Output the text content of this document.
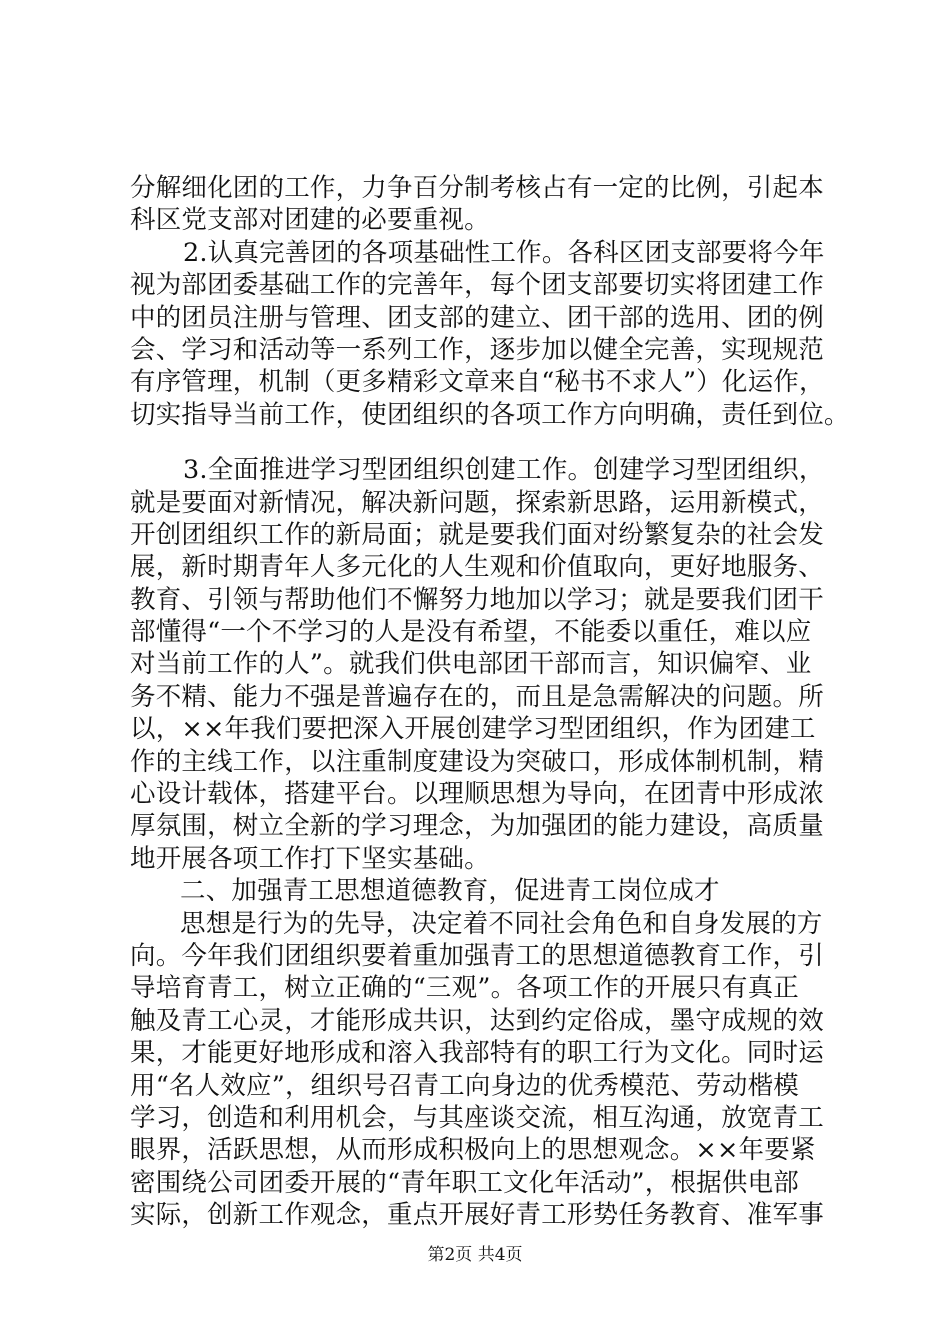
分解细化团的工作，力争百分制考核占有一定的比例，引起本
科区党支部对团建的必要重视。
2.认真完善团的各项基础性工作。各科区团支部要将今年
视为部团委基础工作的完善年，每个团支部要切实将团建工作
中的团员注册与管理、团支部的建立、团干部的选用、团的例
会、学习和活动等一系列工作，逐步加以健全完善，实现规范
有序管理，机制（更多精彩文章来自“秘书不求人”）化运作，
切实指导当前工作，使团组织的各项工作方向明确，责任到位。
3.全面推进学习型团组织创建工作。创建学习型团组织，
就是要面对新情况，解决新问题，探索新思路，运用新模式，
开创团组织工作的新局面；就是要我们面对纷繁复杂的社会发
展，新时期青年人多元化的人生观和价值取向，更好地服务、
教育、引领与帮助他们不懈努力地加以学习；就是要我们团干
部懂得“一个不学习的人是没有希望，不能委以重任，难以应
对当前工作的人”。就我们供电部团干部而言，知识偏窄、业
务不精、能力不强是普遍存在的，而且是急需解决的问题。所
以，××年我们要把深入开展创建学习型团组织，作为团建工
作的主线工作，以注重制度建设为突破口，形成体制机制，精
心设计载体，搭建平台。以理顺思想为导向，在团青中形成浓
厚氛围，树立全新的学习理念，为加强团的能力建设，高质量
地开展各项工作打下坚实基础。
二、加强青工思想道德教育，促进青工岗位成才
思想是行为的先导，决定着不同社会角色和自身发展的方
向。今年我们团组织要着重加强青工的思想道德教育工作，引
导培育青工，树立正确的“三观”。各项工作的开展只有真正
触及青工心灵，才能形成共识，达到约定俗成，墨守成规的效
果，才能更好地形成和溶入我部特有的职工行为文化。同时运
用“名人效应”，组织号召青工向身边的优秀模范、劳动楷模
学习，创造和利用机会，与其座谈交流，相互沟通，放宽青工
眼界，活跃思想，从而形成积极向上的思想观念。××年要紧
密围绕公司团委开展的“青年职工文化年活动”，根据供电部
实际，创新工作观念，重点开展好青工形势任务教育、准军事
第2页 共4页
